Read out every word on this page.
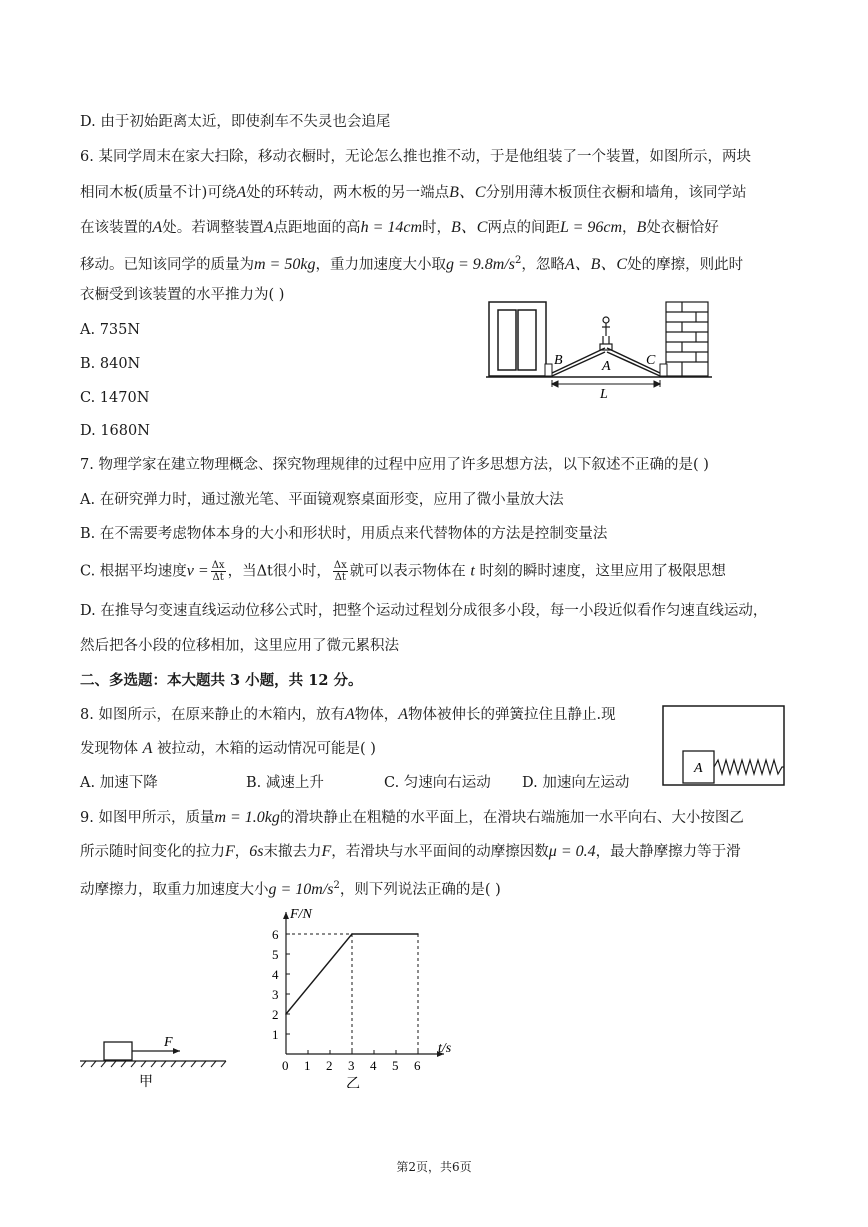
D. 由于初始距离太近，即使刹车不失灵也会追尾
6. 某同学周末在家大扫除，移动衣橱时，无论怎么推也推不动，于是他组装了一个装置，如图所示，两块
相同木板(质量不计)可绕A处的环转动，两木板的另一端点B、C分别用薄木板顶住衣橱和墙角，该同学站
在该装置的A处。若调整装置A点距地面的高h = 14cm时，B、C两点的间距L = 96cm，B处衣橱恰好
移动。已知该同学的质量为m = 50kg，重力加速度大小取$g = 9.8m/s^2$，忽略A、B、C处的摩擦，则此时
衣橱受到该装置的水平推力为( )
A. 735N
B. 840N
C. 1470N
D. 1680N
B	A	C
L
7. 物理学家在建立物理概念、探究物理规律的过程中应用了许多思想方法，以下叙述不正确的是( )
A. 在研究弹力时，通过激光笔、平面镜观察桌面形变，应用了微小量放大法
B. 在不需要考虑物体本身的大小和形状时，用质点来代替物体的方法是控制变量法
C. 根据平均速度$v = \frac{\Delta x}{\Delta t}$ ，当Δt很小时， $\frac{\Delta x}{\Delta t}$ 就可以表示物体在 t 时刻的瞬时速度，这里应用了极限思想
D. 在推导匀变速直线运动位移公式时，把整个运动过程划分成很多小段，每一小段近似看作匀速直线运动，
然后把各小段的位移相加，这里应用了微元累积法
二、多选题：本大题共 3 小题，共 12 分。
8. 如图所示，在原来静止的木箱内，放有A物体，A物体被伸长的弹簧拉住且静止.现
发现物体 A 被拉动，木箱的运动情况可能是( )
A. 加速下降	B. 减速上升	C. 匀速向右运动 D. 加速向左运动
A
9. 如图甲所示，质量m = 1.0kg的滑块静止在粗糙的水平面上，在滑块右端施加一水平向右、大小按图乙
所示随时间变化的拉力F，6s末撤去力F，若滑块与水平面间的动摩擦因数μ = 0.4，最大静摩擦力等于滑
动摩擦力，取重力加速度大小$g = 10m/s^2$，则下列说法正确的是( )
F
甲
F/N
t/s
0 1 2 3 4 5 6
1
2
3
4
5
6
乙
第2页，共6页
